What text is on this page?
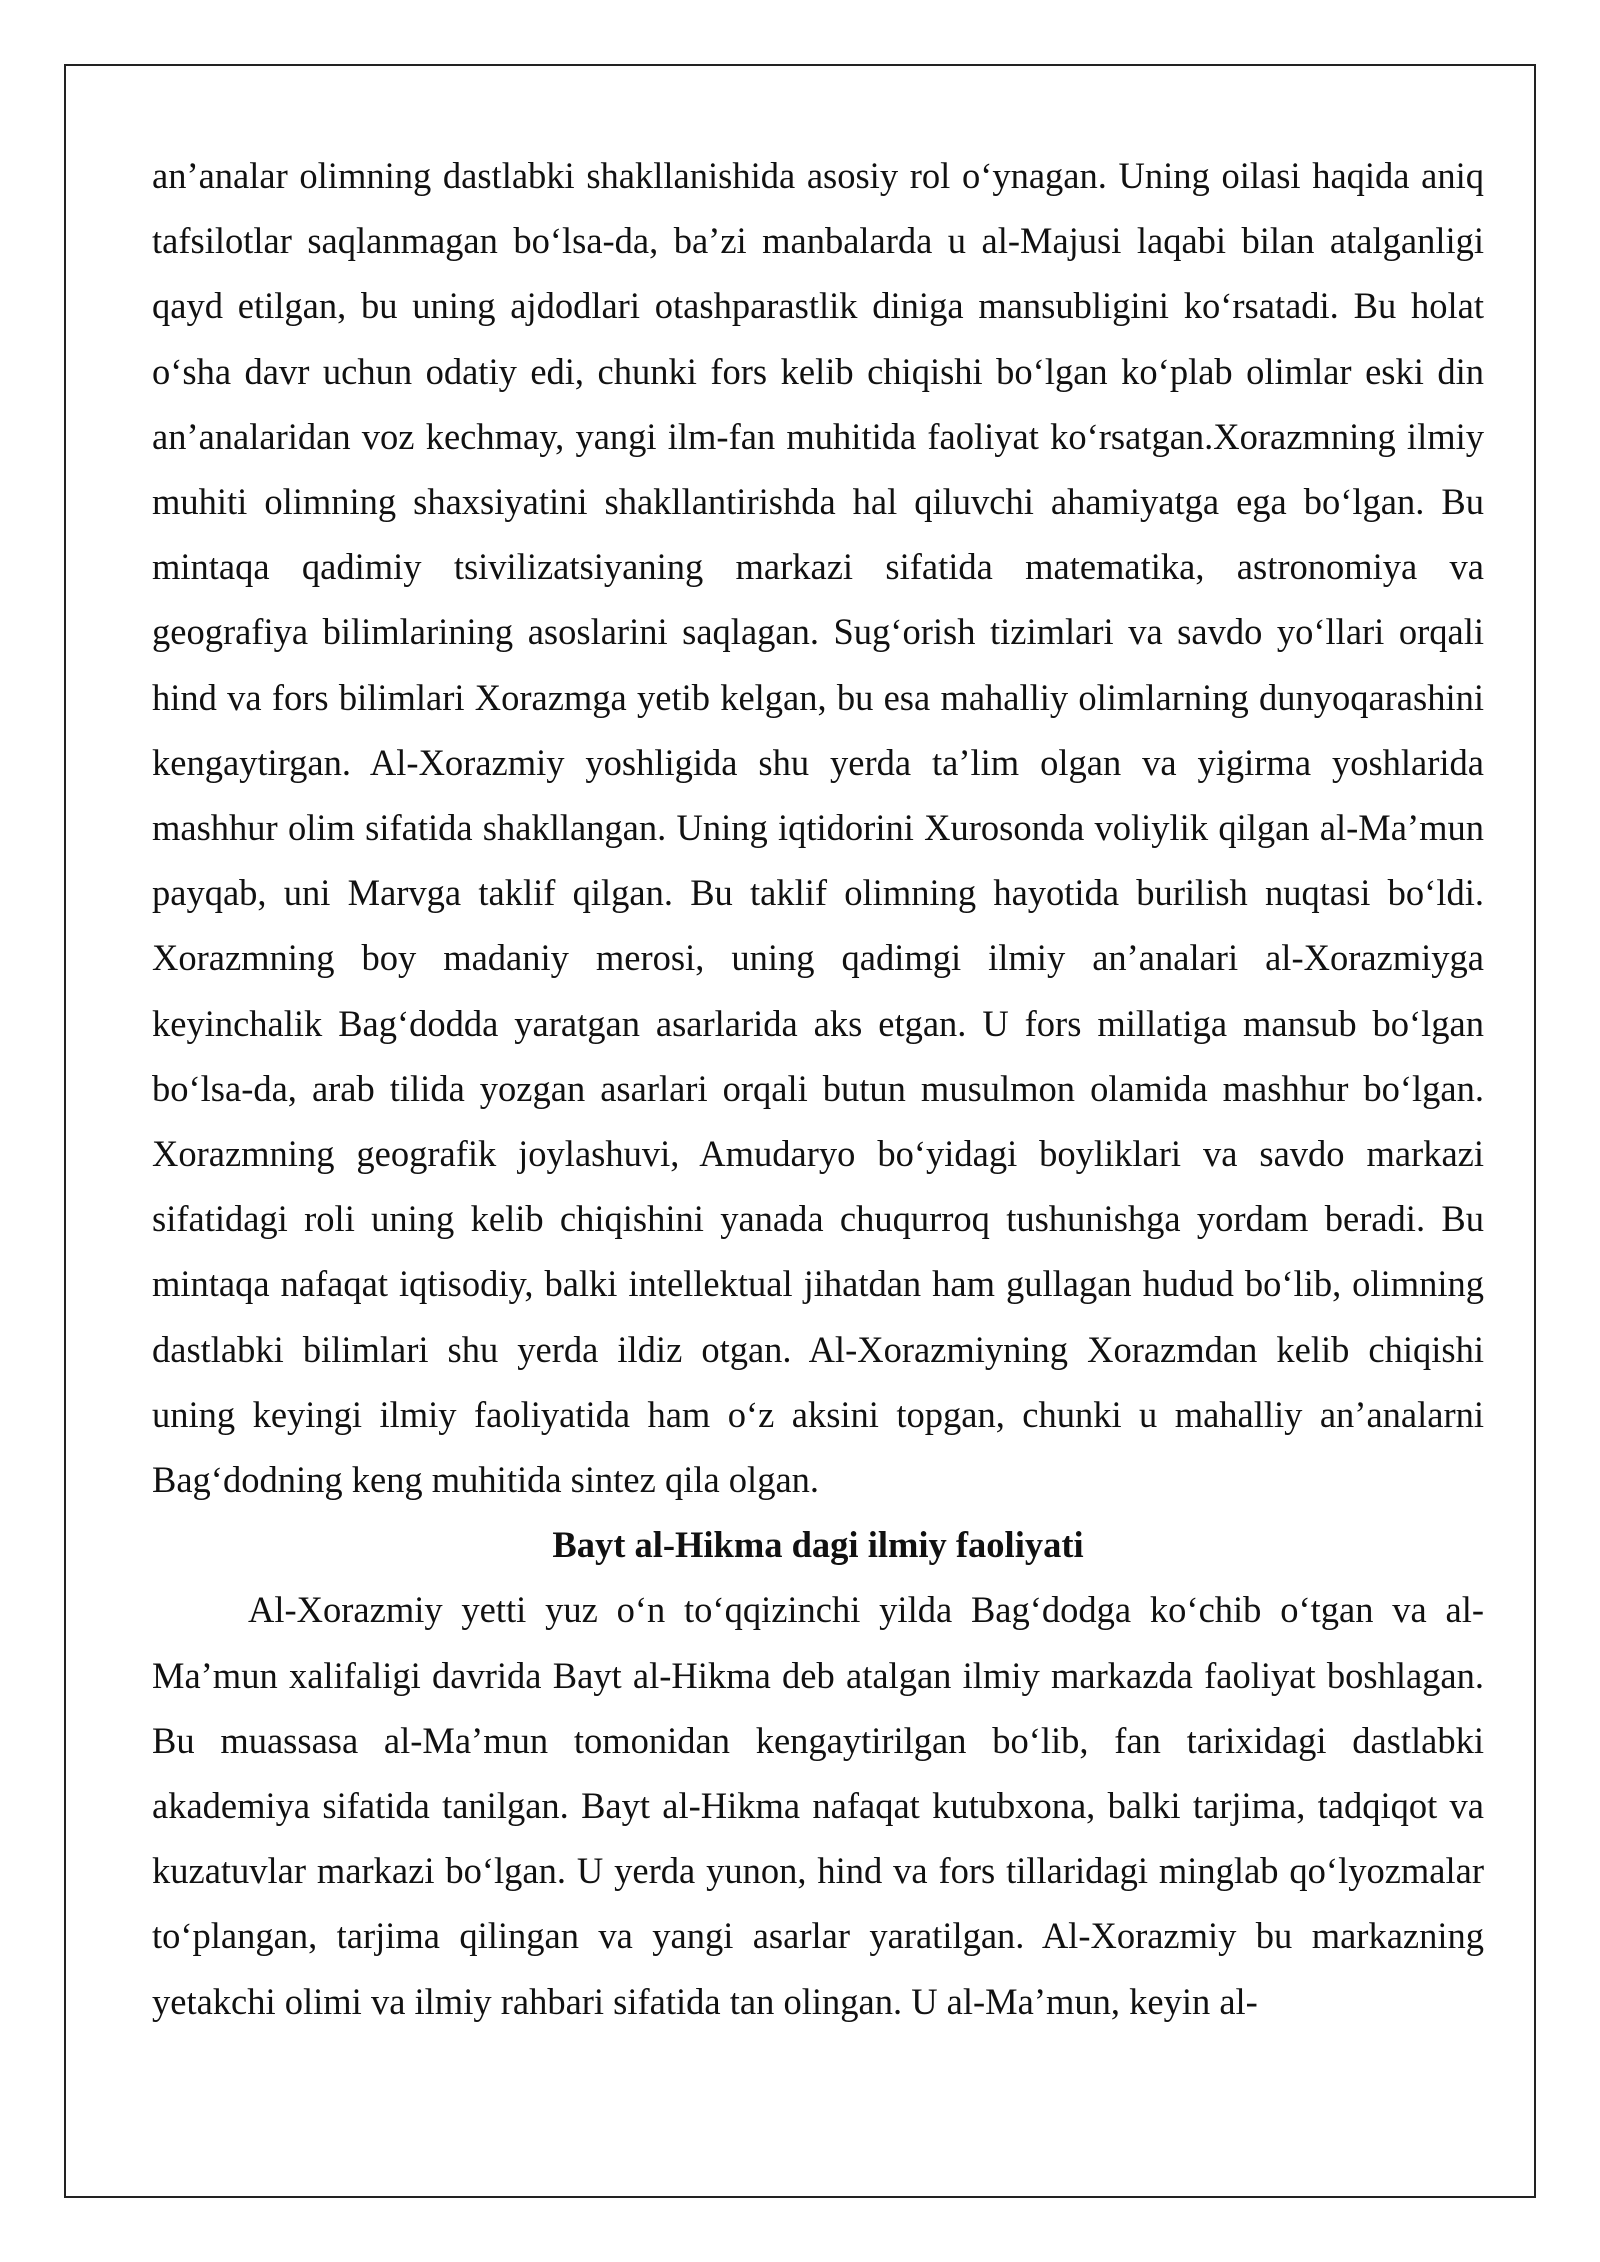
an’analar olimning dastlabki shakllanishida asosiy rol o‘ynagan. Uning oilasi haqida aniq tafsilotlar saqlanmagan bo‘lsa-da, ba’zi manbalarda u al-Majusi laqabi bilan atalganligi qayd etilgan, bu uning ajdodlari otashparastlik diniga mansubligini ko‘rsatadi. Bu holat o‘sha davr uchun odatiy edi, chunki fors kelib chiqishi bo‘lgan ko‘plab olimlar eski din an’analaridan voz kechmay, yangi ilm-fan muhitida faoliyat ko‘rsatgan.Xorazmning ilmiy muhiti olimning shaxsiyatini shakllantirishda hal qiluvchi ahamiyatga ega bo‘lgan. Bu mintaqa qadimiy tsivilizatsiyaning markazi sifatida matematika, astronomiya va geografiya bilimlarining asoslarini saqlagan. Sug‘orish tizimlari va savdo yo‘llari orqali hind va fors bilimlari Xorazmga yetib kelgan, bu esa mahalliy olimlarning dunyoqarashini kengaytirgan. Al-Xorazmiy yoshligida shu yerda ta’lim olgan va yigirma yoshlarida mashhur olim sifatida shakllangan. Uning iqtidorini Xurosonda voliylik qilgan al-Ma’mun payqab, uni Marvga taklif qilgan. Bu taklif olimning hayotida burilish nuqtasi bo‘ldi. Xorazmning boy madaniy merosi, uning qadimgi ilmiy an’analari al-Xorazmiyga keyinchalik Bag‘dodda yaratgan asarlarida aks etgan. U fors millatiga mansub bo‘lgan bo‘lsa-da, arab tilida yozgan asarlari orqali butun musulmon olamida mashhur bo‘lgan. Xorazmning geografik joylashuvi, Amudaryo bo‘yidagi boyliklari va savdo markazi sifatidagi roli uning kelib chiqishini yanada chuqurroq tushunishga yordam beradi. Bu mintaqa nafaqat iqtisodiy, balki intellektual jihatdan ham gullagan hudud bo‘lib, olimning dastlabki bilimlari shu yerda ildiz otgan. Al-Xorazmiyning Xorazmdan kelib chiqishi uning keyingi ilmiy faoliyatida ham o‘z aksini topgan, chunki u mahalliy an’analarni Bag‘dodning keng muhitida sintez qila olgan.

Bayt al-Hikma dagi ilmiy faoliyati

Al-Xorazmiy yetti yuz o‘n to‘qqizinchi yilda Bag‘dodga ko‘chib o‘tgan va al-Ma’mun xalifaligi davrida Bayt al-Hikma deb atalgan ilmiy markazda faoliyat boshlagan. Bu muassasa al-Ma’mun tomonidan kengaytirilgan bo‘lib, fan tarixidagi dastlabki akademiya sifatida tanilgan. Bayt al-Hikma nafaqat kutubxona, balki tarjima, tadqiqot va kuzatuvlar markazi bo‘lgan. U yerda yunon, hind va fors tillaridagi minglab qo‘lyozmalar to‘plangan, tarjima qilingan va yangi asarlar yaratilgan. Al-Xorazmiy bu markazning yetakchi olimi va ilmiy rahbari sifatida tan olingan. U al-Ma’mun, keyin al-
